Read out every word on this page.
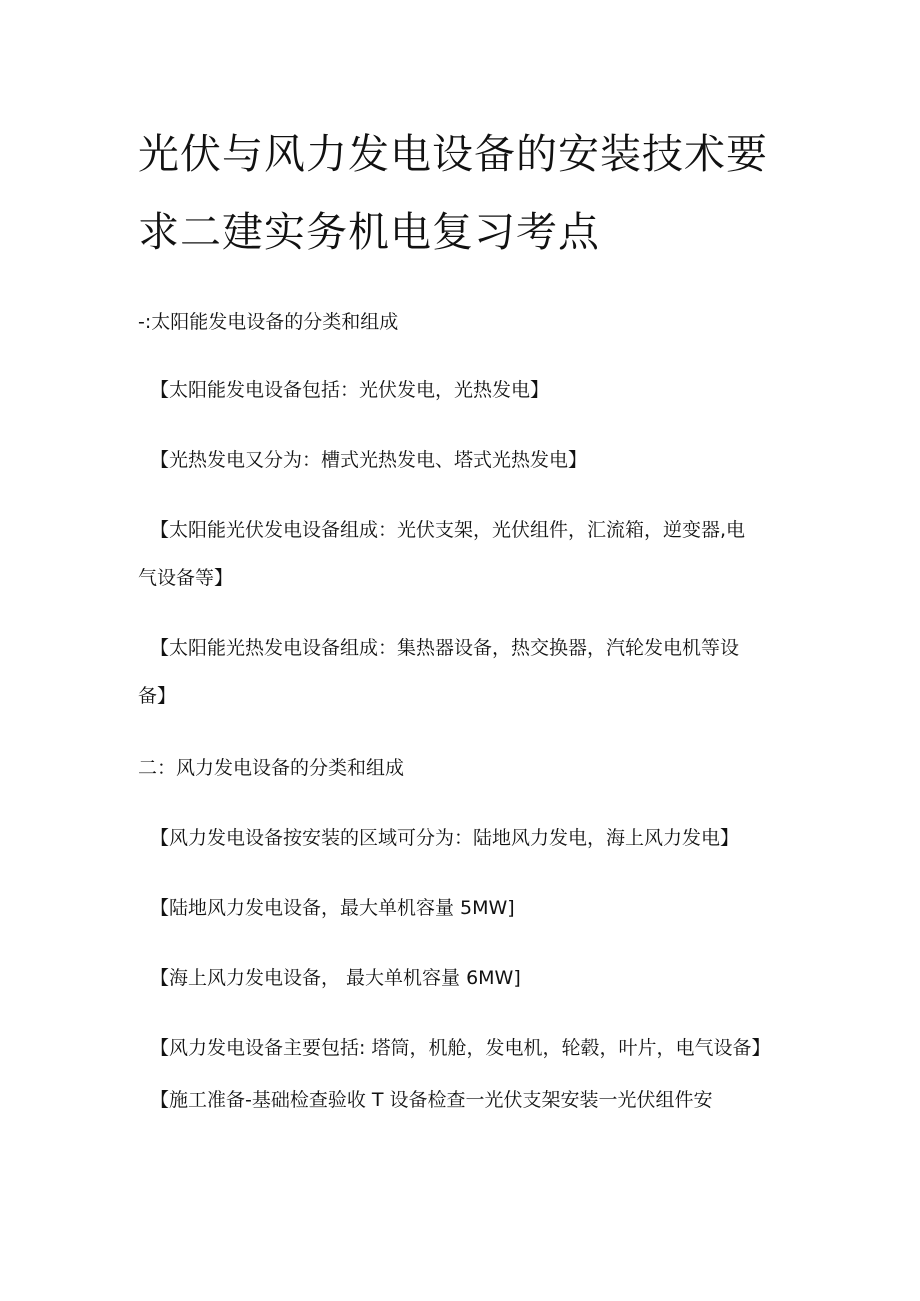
光伏与风力发电设备的安装技术要
求二建实务机电复习考点

-:太阳能发电设备的分类和组成

【太阳能发电设备包括：光伏发电，光热发电】

【光热发电又分为：槽式光热发电、塔式光热发电】

【太阳能光伏发电设备组成：光伏支架，光伏组件，汇流箱，逆变器,电

气设备等】

【太阳能光热发电设备组成：集热器设备，热交换器，汽轮发电机等设

备】

二：风力发电设备的分类和组成

【风力发电设备按安装的区域可分为：陆地风力发电，海上风力发电】

【陆地风力发电设备，最大单机容量 5MW]

【海上风力发电设备， 最大单机容量 6MW]

【风力发电设备主要包括: 塔筒，机舱，发电机，轮毂，叶片，电气设备】

【施工准备-基础检查验收 T 设备检查一光伏支架安装一光伏组件安
